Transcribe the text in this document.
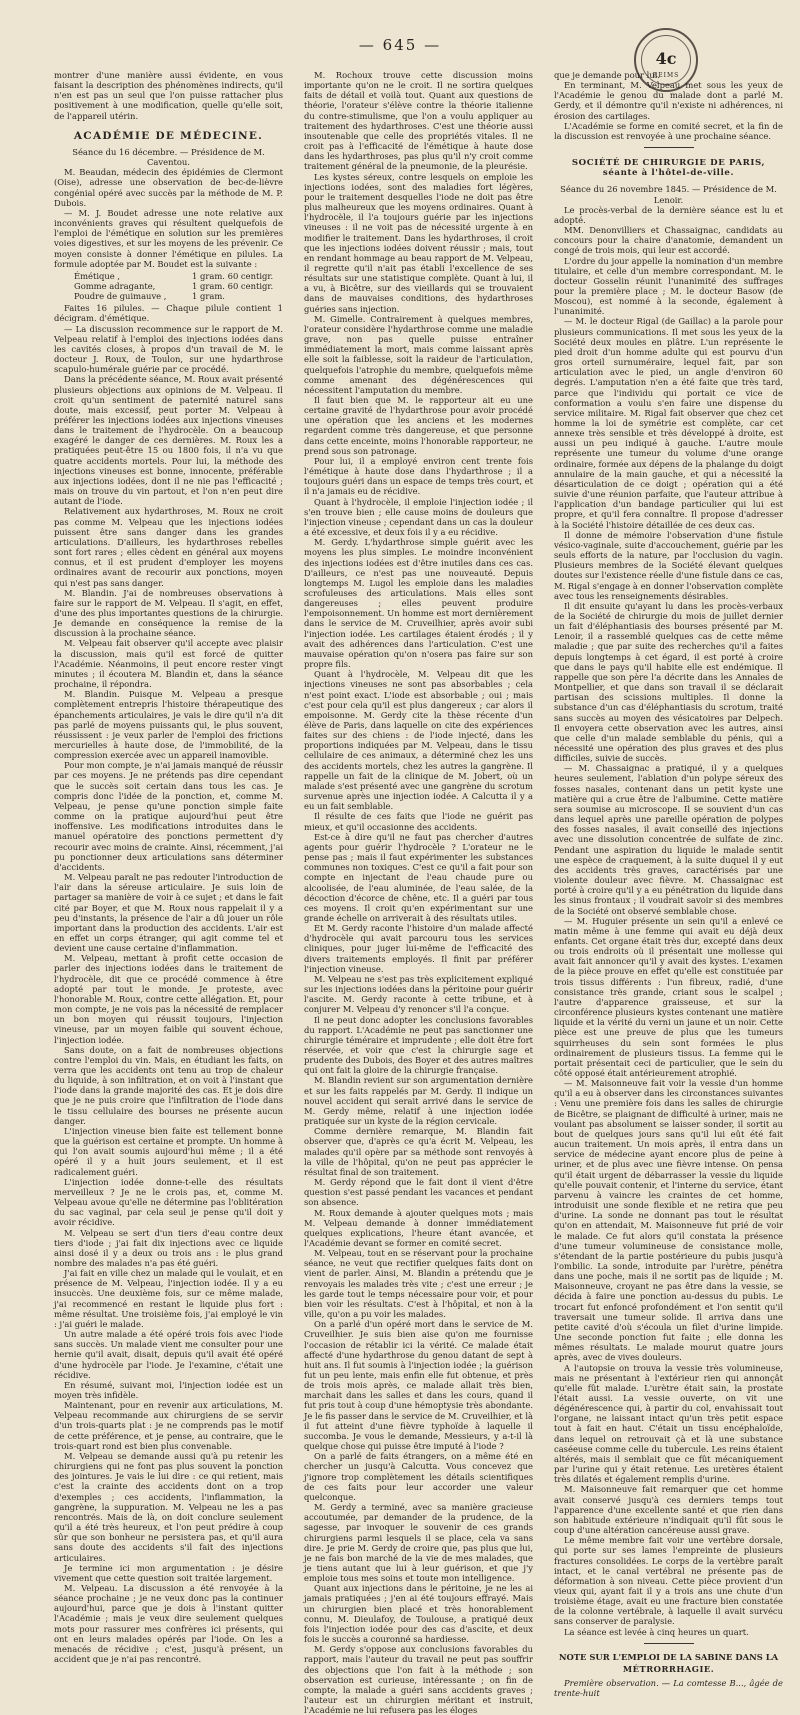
— 645 —
4c
REIMS

montrer d'une manière aussi évidente, en vous faisant la description des phénomènes indirects, qu'il n'en est pas un seul que l'on puisse rattacher plus positivement à une modification, quelle qu'elle soit, de l'appareil utérin.

ACADÉMIE DE MÉDECINE.

Séance du 16 décembre. — Présidence de M. Caventou.

M. Beaudan, médecin des épidémies de Clermont (Oise), adresse une observation de bec-de-lièvre congénial opéré avec succès par la méthode de M. P. Dubois.

— M. J. Boudet adresse une note relative aux inconvénients graves qui résultent quelquefois de l'emploi de l'émétique en solution sur les premières voies digestives, et sur les moyens de les prévenir. Ce moyen consiste à donner l'émétique en pilules. La formule adoptée par M. Boudet est la suivante :

Émétique ,	1 gram. 60 centigr.
Gomme adragante,	1 gram. 60 centigr.
Poudre de guimauve ,	1 gram.

Faites 16 pilules. — Chaque pilule contient 1 décigram. d'émétique.

— La discussion recommence sur le rapport de M. Velpeau relatif à l'emploi des injections iodées dans les cavités closes, à propos d'un travail de M. le docteur J. Roux, de Toulon, sur une hydarthrose scapulo-humérale guérie par ce procédé.

Dans la précédente séance, M. Roux avait présenté plusieurs objections aux opinions de M. Velpeau. Il croit qu'un sentiment de paternité naturel sans doute, mais excessif, peut porter M. Velpeau à préférer les injections iodées aux injections vineuses dans le traitement de l'hydrocèle. On a beaucoup exagéré le danger de ces dernières. M. Roux les a pratiquées peut-être 15 ou 1800 fois, il n'a vu que quatre accidents mortels. Pour lui, la méthode des injections vineuses est bonne, innocente, préférable aux injections iodées, dont il ne nie pas l'efficacité ; mais on trouve du vin partout, et l'on n'en peut dire autant de l'iode.

Relativement aux hydarthroses, M. Roux ne croit pas comme M. Velpeau que les injections iodées puissent être sans danger dans les grandes articulations. D'ailleurs, les hydarthroses rebelles sont fort rares ; elles cèdent en général aux moyens connus, et il est prudent d'employer les moyens ordinaires avant de recourir aux ponctions, moyen qui n'est pas sans danger.

M. Blandin. J'ai de nombreuses observations à faire sur le rapport de M. Velpeau. Il s'agit, en effet, d'une des plus importantes questions de la chirurgie. Je demande en conséquence la remise de la discussion à la prochaine séance.

M. Velpeau fait observer qu'il accepte avec plaisir la discussion, mais qu'il est forcé de quitter l'Académie. Néanmoins, il peut encore rester vingt minutes ; il écoutera M. Blandin et, dans la séance prochaine, il répondra.

M. Blandin. Puisque M. Velpeau a presque complètement entrepris l'histoire thérapeutique des épanchements articulaires, je vais le dire qu'il n'a dit pas parlé de moyens puissants qui, le plus souvent, réussissent : je veux parler de l'emploi des frictions mercurielles à haute dose, de l'immobilité, de la compression exercée avec un appareil inamovible.

Pour mon compte, je n'ai jamais manqué de réussir par ces moyens. Je ne prétends pas dire cependant que le succès soit certain dans tous les cas. Je compris donc l'idée de la ponction, et, comme M. Velpeau, je pense qu'une ponction simple faite comme on la pratique aujourd'hui peut être inoffensive. Les modifications introduites dans le manuel opératoire des ponctions permettent d'y recourir avec moins de crainte. Ainsi, récemment, j'ai pu ponctionner deux articulations sans déterminer d'accidents.

M. Velpeau paraît ne pas redouter l'introduction de l'air dans la séreuse articulaire. Je suis loin de partager sa manière de voir à ce sujet ; et dans le fait cité par Boyer, et que M. Roux nous rappelait il y a peu d'instants, la présence de l'air a dû jouer un rôle important dans la production des accidents. L'air est en effet un corps étranger, qui agit comme tel et devient une cause certaine d'inflammation.

M. Velpeau, mettant à profit cette occasion de parler des injections iodées dans le traitement de l'hydrocèle, dit que ce procédé commence à être adopté par tout le monde. Je proteste, avec l'honorable M. Roux, contre cette allégation. Et, pour mon compte, je ne vois pas la nécessité de remplacer un bon moyen qui réussit toujours, l'injection vineuse, par un moyen faible qui souvent échoue, l'injection iodée.

Sans doute, on a fait de nombreuses objections contre l'emploi du vin. Mais, en étudiant les faits, on verra que les accidents ont tenu au trop de chaleur du liquide, à son infiltration, et on voit à l'instant que l'iode dans la grande majorité des cas. Et je dois dire que je ne puis croire que l'infiltration de l'iode dans le tissu cellulaire des bourses ne présente aucun danger.

L'injection vineuse bien faite est tellement bonne que la guérison est certaine et prompte. Un homme à qui l'on avait soumis aujourd'hui même ; il a été opéré il y a huit jours seulement, et il est radicalement guéri.

L'injection iodée donne-t-elle des résultats merveilleux ? Je ne le crois pas, et, comme M. Velpeau avoue qu'elle ne détermine pas l'oblitération du sac vaginal, par cela seul je pense qu'il doit y avoir récidive.

M. Velpeau se sert d'un tiers d'eau contre deux tiers d'iode ; j'ai fait dix injections avec ce liquide ainsi dosé il y a deux ou trois ans : le plus grand nombre des malades n'a pas été guéri.

J'ai fait en ville chez un malade qui le voulait, et en présence de M. Velpeau, l'injection iodée. Il y a eu insuccès. Une deuxième fois, sur ce même malade, j'ai recommencé en restant le liquide plus fort : même résultat. Une troisième fois, j'ai employé le vin : j'ai guéri le malade.

Un autre malade a été opéré trois fois avec l'iode sans succès. Un malade vient me consulter pour une hernie qu'il avait, disait, depuis qu'il avait été opéré d'une hydrocèle par l'iode. Je l'examine, c'était une récidive.

En résumé, suivant moi, l'injection iodée est un moyen très infidèle.

Maintenant, pour en revenir aux articulations, M. Velpeau recommande aux chirurgiens de se servir d'un trois-quarts plat : je ne comprends pas le motif de cette préférence, et je pense, au contraire, que le trois-quart rond est bien plus convenable.

M. Velpeau se demande aussi qu'à pu retenir les chirurgiens qui ne font pas plus souvent la ponction des jointures. Je vais le lui dire : ce qui retient, mais c'est la crainte des accidents dont on a trop d'exemples ; ces accidents, l'inflammation, la gangrène, la suppuration. M. Velpeau ne les a pas rencontrés. Mais de là, on doit conclure seulement qu'il a été très heureux, et l'on peut prédire à coup sûr que son bonheur ne persistera pas, et qu'il aura sans doute des accidents s'il fait des injections articulaires.

Je termine ici mon argumentation : je désire vivement que cette question soit traitée largement.

M. Velpeau. La discussion a été renvoyée à la séance prochaine ; je ne veux donc pas la continuer aujourd'hui, parce que je dois à l'instant quitter l'Académie ; mais je veux dire seulement quelques mots pour rassurer mes confrères ici présents, qui ont en leurs malades opérés par l'iode. On les a menacés de récidive ; c'est, jusqu'à présent, un accident que je n'ai pas rencontré.

M. Rochoux trouve cette discussion moins importante qu'on ne le croit. Il ne sortira quelques faits de détail et voilà tout. Quant aux questions de théorie, l'orateur s'élève contre la théorie italienne du contre-stimulisme, que l'on a voulu appliquer au traitement des hydarthroses. C'est une théorie aussi insoutenable que celle des propriétés vitales. Il ne croit pas à l'efficacité de l'émétique à haute dose dans les hydarthroses, pas plus qu'il n'y croit comme traitement général de la pneumonie, de la pleurésie.

Les kystes séreux, contre lesquels on emploie les injections iodées, sont des maladies fort légères, pour le traitement desquelles l'iode ne doit pas être plus malheureux que les moyens ordinaires. Quant à l'hydrocèle, il l'a toujours guérie par les injections vineuses : il ne voit pas de nécessité urgente à en modifier le traitement. Dans les hydarthroses, il croit que les injections iodées doivent réussir ; mais, tout en rendant hommage au beau rapport de M. Velpeau, il regrette qu'il n'ait pas établi l'excellence de ses résultats sur une statistique complète. Quant à lui, il a vu, à Bicêtre, sur des vieillards qui se trouvaient dans de mauvaises conditions, des hydarthroses guéries sans injection.

M. Gimelle. Contrairement à quelques membres, l'orateur considère l'hydarthrose comme une maladie grave, non pas quelle puisse entraîner immédiatement la mort, mais comme laissant après elle soit la faiblesse, soit la raideur de l'articulation, quelquefois l'atrophie du membre, quelquefois même comme amenant des dégénérescences qui nécessitent l'amputation du membre.

Il faut bien que M. le rapporteur ait eu une certaine gravité de l'hydarthrose pour avoir procédé une opération que les anciens et les modernes regardent comme très dangereuse, et que personne dans cette enceinte, moins l'honorable rapporteur, ne prend sous son patronage.

Pour lui, il a employé environ cent trente fois l'émétique à haute dose dans l'hydarthrose ; il a toujours guéri dans un espace de temps très court, et il n'a jamais eu de récidive.

Quant à l'hydrocèle, il emploie l'injection iodée ; il s'en trouve bien ; elle cause moins de douleurs que l'injection vineuse ; cependant dans un cas la douleur a été excessive, et deux fois il y a eu récidive.

M. Gerdy. L'hydarthrose simple guérit avec les moyens les plus simples. Le moindre inconvénient des injections iodées est d'être inutiles dans ces cas. D'ailleurs, ce n'est pas une nouveauté. Depuis longtemps M. Lugol les emploie dans les maladies scrofuleuses des articulations. Mais elles sont dangereuses ; elles peuvent produire l'empoisonnement. Un homme est mort dernièrement dans le service de M. Cruveilhier, après avoir subi l'injection iodée. Les cartilages étaient érodés ; il y avait des adhérences dans l'articulation. C'est une mauvaise opération qu'on n'osera pas faire sur son propre fils.

Quant à l'hydrocèle, M. Velpeau dit que les injections vineuses ne sont pas absorbables ; cela n'est point exact. L'iode est absorbable ; oui ; mais c'est pour cela qu'il est plus dangereux ; car alors il empoisonne. M. Gerdy cite la thèse récente d'un élève de Paris, dans laquelle on cite des expériences faites sur des chiens : de l'iode injecté, dans les proportions indiquées par M. Velpeau, dans le tissu cellulaire de ces animaux, a déterminé chez les uns des accidents mortels, chez les autres la gangrène. Il rappelle un fait de la clinique de M. Jobert, où un malade s'est présenté avec une gangrène du scrotum survenue après une injection iodée. A Calcutta il y a eu un fait semblable.

Il résulte de ces faits que l'iode ne guérit pas mieux, et qu'il occasionne des accidents.

Est-ce à dire qu'il ne faut pas chercher d'autres agents pour guérir l'hydrocèle ? L'orateur ne le pense pas ; mais il faut expérimenter les substances communes non toxiques. C'est ce qu'il a fait pour son compte en injectant de l'eau chaude pure ou alcoolisée, de l'eau aluminée, de l'eau salée, de la décoction d'écorce de chêne, etc. Il a guéri par tous ces moyens. Il croit qu'en expérimentant sur une grande échelle on arriverait à des résultats utiles.

Et M. Gerdy raconte l'histoire d'un malade affecté d'hydrocèle qui avait parcouru tous les services cliniques, pour juger lui-même de l'efficacité des divers traitements employés. Il finit par préférer l'injection vineuse.

M. Velpeau ne s'est pas très explicitement expliqué sur les injections iodées dans la péritoine pour guérir l'ascite. M. Gerdy raconte à cette tribune, et à conjurer M. Velpeau d'y renoncer s'il l'a conçue.

Il ne peut donc adopter les conclusions favorables du rapport. L'Académie ne peut pas sanctionner une chirurgie téméraire et imprudente ; elle doit être fort réservée, et voir que c'est la chirurgie sage et prudente des Dubois, des Boyer et des autres maîtres qui ont fait la gloire de la chirurgie française.

M. Blandin revient sur son argumentation dernière et sur les faits rappelés par M. Gerdy. Il indique un nouvel accident qui serait arrivé dans le service de M. Gerdy même, relatif à une injection iodée pratiquée sur un kyste de la région cervicale.

Comme dernière remarque, M. Blandin fait observer que, d'après ce qu'a écrit M. Velpeau, les malades qu'il opère par sa méthode sont renvoyés à la ville de l'hôpital, qu'on ne peut pas apprécier le résultat final de son traitement.

M. Gerdy répond que le fait dont il vient d'être question s'est passé pendant les vacances et pendant son absence.

M. Roux demande à ajouter quelques mots ; mais M. Velpeau demande à donner immédiatement quelques explications, l'heure étant avancée, et l'Académie devant se former en comité secret.

M. Velpeau, tout en se réservant pour la prochaine séance, ne veut que rectifier quelques faits dont on vient de parler. Ainsi, M. Blandin a prétendu que je renvoyais les malades très vite ; c'est une erreur ; je les garde tout le temps nécessaire pour voir, et pour bien voir les résultats. C'est à l'hôpital, et non à la ville, qu'on a pu voir les malades.

On a parlé d'un opéré mort dans le service de M. Cruveilhier. Je suis bien aise qu'on me fournisse l'occasion de rétablir ici la vérité. Ce malade était affecté d'une hydarthrose du genou datant de sept à huit ans. Il fut soumis à l'injection iodée ; la guérison fut un peu lente, mais enfin elle fut obtenue, et près de trois mois après, ce malade allait très bien, marchait dans les salles et dans les cours, quand il fut pris tout à coup d'une hémoptysie très abondante. Je le fis passer dans le service de M. Cruveilhier, et là il fut atteint d'une fièvre typhoïde à laquelle il succomba. Je vous le demande, Messieurs, y a-t-il là quelque chose qui puisse être imputé à l'iode ?

On a parlé de faits étrangers, on a même été en chercher un jusqu'à Calcutta. Vous concevez que j'ignore trop complètement les détails scientifiques de ces faits pour leur accorder une valeur quelconque.

M. Gerdy a terminé, avec sa manière gracieuse accoutumée, par demander de la prudence, de la sagesse, par invoquer le souvenir de ces grands chirurgiens parmi lesquels il se place, cela va sans dire. Je prie M. Gerdy de croire que, pas plus que lui, je ne fais bon marché de la vie de mes malades, que je tiens autant que lui à leur guérison, et que j'y emploie tous mes soins et toute mon intelligence.

Quant aux injections dans le péritoine, je ne les ai jamais pratiquées ; j'en ai été toujours effrayé. Mais un chirurgien bien placé et très honorablement connu, M. Dieulafoy, de Toulouse, a pratiqué deux fois l'injection iodée pour des cas d'ascite, et deux fois le succès a couronné sa hardiesse.

M. Gerdy s'oppose aux conclusions favorables du rapport, mais l'auteur du travail ne peut pas souffrir des objections que l'on fait à la méthode ; son observation est curieuse, intéressante ; on fin de compte, la malade a guéri sans accidents graves ; l'auteur est un chirurgien méritant et instruit, l'Académie ne lui refusera pas les éloges

que je demande pour lui.

En terminant, M. Velpeau met sous les yeux de l'Académie le genou du malade dont a parlé M. Gerdy, et il démontre qu'il n'existe ni adhérences, ni érosion des cartilages.

L'Académie se forme en comité secret, et la fin de la discussion est renvoyée à une prochaine séance.

SOCIÉTÉ DE CHIRURGIE DE PARIS, séante à l'hôtel-de-ville.

Séance du 26 novembre 1845. — Présidence de M. Lenoir.

Le procès-verbal de la dernière séance est lu et adopté.

MM. Denonvilliers et Chassaignac, candidats au concours pour la chaire d'anatomie, demandent un congé de trois mois, qui leur est accordé.

L'ordre du jour appelle la nomination d'un membre titulaire, et celle d'un membre correspondant. M. le docteur Gosselin réunit l'unanimité des suffrages pour la première place ; M. le docteur Basow (de Moscou), est nommé à la seconde, également à l'unanimité.

— M. le docteur Rigal (de Gaillac) a la parole pour plusieurs communications. Il met sous les yeux de la Société deux moules en plâtre. L'un représente le pied droit d'un homme adulte qui est pourvu d'un gros orteil surnuméraire, lequel fait, par son articulation avec le pied, un angle d'environ 60 degrés. L'amputation n'en a été faite que très tard, parce que l'individu qui portait ce vice de conformation a voulu s'en faire une dispense du service militaire. M. Rigal fait observer que chez cet homme la loi de symétrie est complète, car cet annexe très sensible et très développé à droite, est aussi un peu indiqué à gauche. L'autre moule représente une tumeur du volume d'une orange ordinaire, formée aux dépens de la phalange du doigt annulaire de la main gauche, et qui a nécessité la désarticulation de ce doigt ; opération qui a été suivie d'une réunion parfaite, que l'auteur attribue à l'application d'un bandage particulier qui lui est propre, et qu'il fera connaître. Il propose d'adresser à la Société l'histoire détaillée de ces deux cas.

Il donne de mémoire l'observation d'une fistule vésico-vaginale, suite d'accouchement, guérie par les seuls efforts de la nature, par l'occlusion du vagin. Plusieurs membres de la Société élevant quelques doutes sur l'existence réelle d'une fistule dans ce cas, M. Rigal s'engage à en donner l'observation complète avec tous les renseignements désirables.

Il dit ensuite qu'ayant lu dans les procès-verbaux de la Société de chirurgie du mois de juillet dernier un fait d'éléphantiasis des bourses présenté par M. Lenoir, il a rassemblé quelques cas de cette même maladie ; que par suite des recherches qu'il a faites depuis longtemps à cet égard, il est porté à croire que dans le pays qu'il habite elle est endémique. Il rappelle que son père l'a décrite dans les Annales de Montpellier, et que dans son travail il se déclarait partisan des scissions multiples. Il donne la substance d'un cas d'éléphantiasis du scrotum, traité sans succès au moyen des vésicatoires par Delpech. Il envoyera cette observation avec les autres, ainsi que celle d'un malade semblable du pénis, qui a nécessité une opération des plus graves et des plus difficiles, suivie de succès.

— M. Chassaignac a pratiqué, il y a quelques heures seulement, l'ablation d'un polype séreux des fosses nasales, contenant dans un petit kyste une matière qui a crue être de l'albumine. Cette matière sera soumise au microscope. Il se souvient d'un cas dans lequel après une pareille opération de polypes des fosses nasales, il avait conseillé des injections avec une dissolution concentrée de sulfate de zinc. Pendant une aspiration du liquide le malade sentit une espèce de craquement, à la suite duquel il y eut des accidents très graves, caractérisés par une violente douleur avec fièvre. M. Chassaignac est porté à croire qu'il y a eu pénétration du liquide dans les sinus frontaux ; il voudrait savoir si des membres de la Société ont observé semblable chose.

— M. Huguier présente un sein qu'il a enlevé ce matin même à une femme qui avait eu déjà deux enfants. Cet organe était très dur, excepté dans deux ou trois endroits où il présentait une mollesse qui avait fait annoncer qu'il y avait des kystes. L'examen de la pièce prouve en effet qu'elle est constituée par trois tissus différents : l'un fibreux, radié, d'une consistance très grande, criant sous le scalpel ; l'autre d'apparence graisseuse, et sur la circonférence plusieurs kystes contenant une matière liquide et la vérité du verni un jaune et un noir. Cette pièce est une preuve de plus que les tumeurs squirrheuses du sein sont formées le plus ordinairement de plusieurs tissus. La femme qui le portait présentait ceci de particulier, que le sein du côté opposé était antérieurement atrophié.

— M. Maisonneuve fait voir la vessie d'un homme qu'il a eu à observer dans les circonstances suivantes : Venu une première fois dans les salles de chirurgie de Bicêtre, se plaignant de difficulté à uriner, mais ne voulant pas absolument se laisser sonder, il sortit au bout de quelques jours sans qu'il lui eût été fait aucun traitement. Un mois après, il entra dans un service de médecine ayant encore plus de peine à uriner, et de plus avec une fièvre intense. On pensa qu'il était urgent de débarrasser la vessie du liquide qu'elle pouvait contenir, et l'interne du service, étant parvenu à vaincre les craintes de cet homme, introduisit une sonde flexible et ne retira que peu d'urine. La sonde ne donnant pas tout le résultat qu'on en attendait, M. Maisonneuve fut prié de voir le malade. Ce fut alors qu'il constata la présence d'une tumeur volumineuse de consistance molle, s'étendant de la partie postérieure du pubis jusqu'à l'ombilic. La sonde, introduite par l'urètre, pénétra dans une poche, mais il ne sortit pas de liquide ; M. Maisonneuve, croyant ne pas être dans la vessie, se décida à faire une ponction au-dessus du pubis. Le trocart fut enfoncé profondément et l'on sentit qu'il traversait une tumeur solide. Il arriva dans une petite cavité d'où s'écoula un filet d'urine limpide. Une seconde ponction fut faite ; elle donna les mêmes résultats. Le malade mourut quatre jours après, avec de vives douleurs.

A l'autopsie on trouva la vessie très volumineuse, mais ne présentant à l'extérieur rien qui annonçât qu'elle fût malade. L'urètre était sain, la prostate l'était aussi. La vessie ouverte, on vit une dégénérescence qui, à partir du col, envahissait tout l'organe, ne laissant intact qu'un très petit espace tout à fait en haut. C'était un tissu encéphaloïde, dans lequel on retrouvait çà et là une substance caséeuse comme celle du tubercule. Les reins étaient altérés, mais il semblait que ce fût mécaniquement par l'urine qui y était retenue. Les uretères étaient très dilatés et également remplis d'urine.

M. Maisonneuve fait remarquer que cet homme avait conservé jusqu'à ces derniers temps tout l'apparence d'une excellente santé et que rien dans son habitude extérieure n'indiquait qu'il fût sous le coup d'une altération cancéreuse aussi grave.

Le même membre fait voir une vertèbre dorsale, qui porte sur ses lames l'empreinte de plusieurs fractures consolidées. Le corps de la vertèbre paraît intact, et le canal vertébral ne présente pas de déformation à son niveau. Cette pièce provient d'un vieux qui, ayant fait il y a trois ans une chute d'un troisième étage, avait eu une fracture bien constatée de la colonne vertébrale, à laquelle il avait survécu sans conserver de paralysie.

La séance est levée à cinq heures un quart.

NOTE SUR L'EMPLOI DE LA SABINE DANS LA
MÉTRORRHAGIE.

Première observation. — La comtesse B..., âgée de trente-huit
